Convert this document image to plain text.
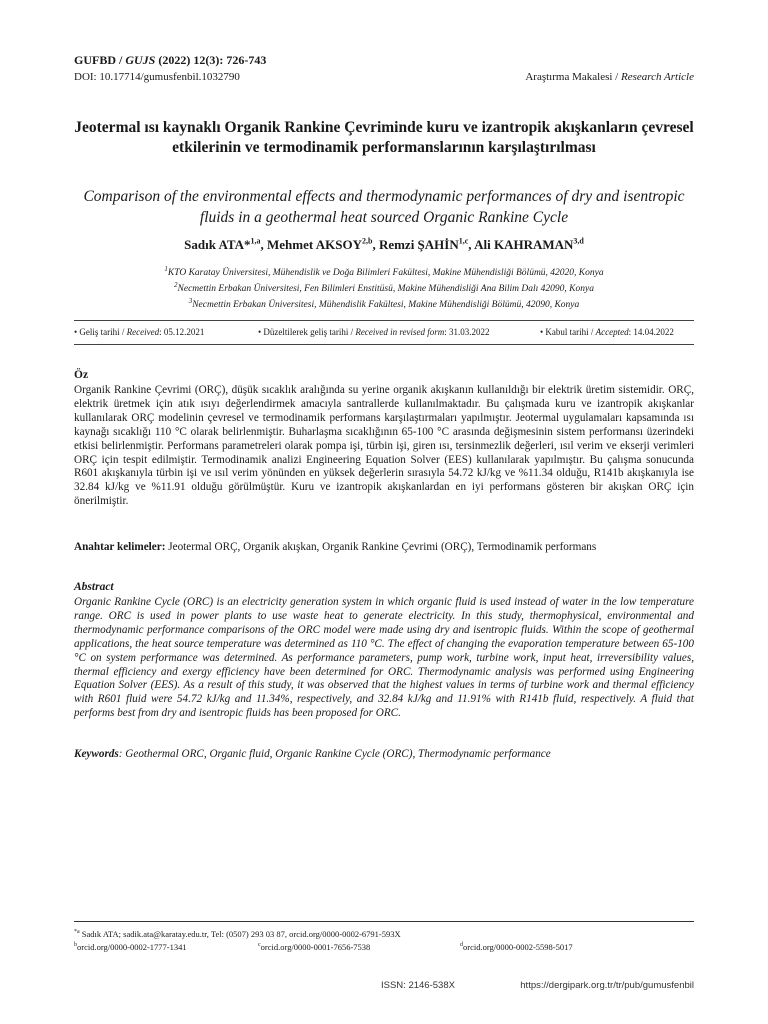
GUFBD / GUJS (2022) 12(3): 726-743
DOI: 10.17714/gumusfenbil.1032790	Araştırma Makalesi / Research Article
Jeotermal ısı kaynaklı Organik Rankine Çevriminde kuru ve izantropik akışkanların çevresel etkilerinin ve termodinamik performanslarının karşılaştırılması
Comparison of the environmental effects and thermodynamic performances of dry and isentropic fluids in a geothermal heat sourced Organic Rankine Cycle
Sadık ATA*$^{1,a}$, Mehmet AKSOY$^{2,b}$, Remzi ŞAHİN$^{1,c}$, Ali KAHRAMAN$^{3,d}$
$^1$KTO Karatay Üniversitesi, Mühendislik ve Doğa Bilimleri Fakültesi, Makine Mühendisliği Bölümü, 42020, Konya
$^2$Necmettin Erbakan Üniversitesi, Fen Bilimleri Enstitüsü, Makine Mühendisliği Ana Bilim Dalı 42090, Konya
$^3$Necmettin Erbakan Üniversitesi, Mühendislik Fakültesi, Makine Mühendisliği Bölümü, 42090, Konya
• Geliş tarihi / Received: 05.12.2021	• Düzeltilerek geliş tarihi / Received in revised form: 31.03.2022	• Kabul tarihi / Accepted: 14.04.2022
Öz
Organik Rankine Çevrimi (ORÇ), düşük sıcaklık aralığında su yerine organik akışkanın kullanıldığı bir elektrik üretim sistemidir. ORÇ, elektrik üretmek için atık ısıyı değerlendirmek amacıyla santrallerde kullanılmaktadır. Bu çalışmada kuru ve izantropik akışkanlar kullanılarak ORÇ modelinin çevresel ve termodinamik performans karşılaştırmaları yapılmıştır. Jeotermal uygulamaları kapsamında ısı kaynağı sıcaklığı 110 °C olarak belirlenmiştir. Buharlaşma sıcaklığının 65-100 °C arasında değişmesinin sistem performansı üzerindeki etkisi belirlenmiştir. Performans parametreleri olarak pompa işi, türbin işi, giren ısı, tersinmezlik değerleri, ısıl verim ve ekserji verimleri ORÇ için tespit edilmiştir. Termodinamik analizi Engineering Equation Solver (EES) kullanılarak yapılmıştır. Bu çalışma sonucunda R601 akışkanıyla türbin işi ve ısıl verim yönünden en yüksek değerlerin sırasıyla 54.72 kJ/kg ve %11.34 olduğu, R141b akışkanıyla ise 32.84 kJ/kg ve %11.91 olduğu görülmüştür. Kuru ve izantropik akışkanlardan en iyi performans gösteren bir akışkan ORÇ için önerilmiştir.
Anahtar kelimeler: Jeotermal ORÇ, Organik akışkan, Organik Rankine Çevrimi (ORÇ), Termodinamik performans
Abstract
Organic Rankine Cycle (ORC) is an electricity generation system in which organic fluid is used instead of water in the low temperature range. ORC is used in power plants to use waste heat to generate electricity. In this study, thermophysical, environmental and thermodynamic performance comparisons of the ORC model were made using dry and isentropic fluids. Within the scope of geothermal applications, the heat source temperature was determined as 110 °C. The effect of changing the evaporation temperature between 65-100 °C on system performance was determined. As performance parameters, pump work, turbine work, input heat, irreversibility values, thermal efficiency and exergy efficiency have been determined for ORC. Thermodynamic analysis was performed using Engineering Equation Solver (EES). As a result of this study, it was observed that the highest values in terms of turbine work and thermal efficiency with R601 fluid were 54.72 kJ/kg and 11.34%, respectively, and 32.84 kJ/kg and 11.91% with R141b fluid, respectively. A fluid that performs best from dry and isentropic fluids has been proposed for ORC.
Keywords: Geothermal ORC, Organic fluid, Organic Rankine Cycle (ORC), Thermodynamic performance
$^{*a}$ Sadık ATA; sadik.ata@karatay.edu.tr, Tel: (0507) 293 03 87, orcid.org/0000-0002-6791-593X
$^b$orcid.org/0000-0002-1777-1341	$^c$orcid.org/0000-0001-7656-7538	$^d$orcid.org/0000-0002-5598-5017
ISSN: 2146-538X	https://dergipark.org.tr/tr/pub/gumusfenbil
